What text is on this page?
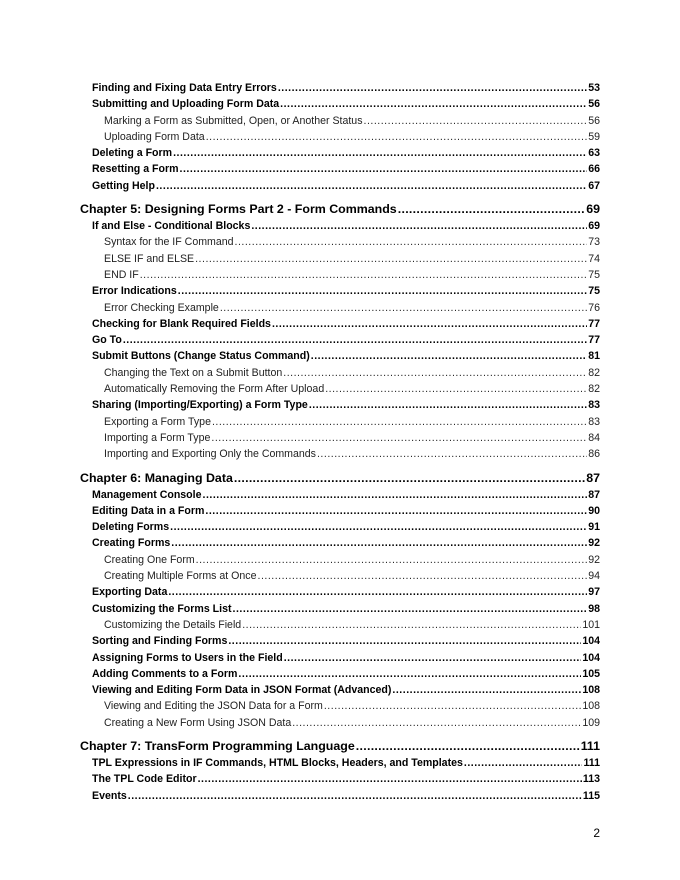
Finding and Fixing Data Entry Errors .....	53
Submitting and Uploading Form Data .....	56
Marking a Form as Submitted, Open, or Another Status .....	56
Uploading Form Data .....	59
Deleting a Form .....	63
Resetting a Form .....	66
Getting Help .....	67
Chapter 5: Designing Forms Part 2 - Form Commands .....	69
If and Else - Conditional Blocks .....	69
Syntax for the IF Command .....	73
ELSE IF and ELSE .....	74
END IF .....	75
Error Indications .....	75
Error Checking Example .....	76
Checking for Blank Required Fields .....	77
Go To .....	77
Submit Buttons (Change Status Command) .....	81
Changing the Text on a Submit Button .....	82
Automatically Removing the Form After Upload .....	82
Sharing (Importing/Exporting) a Form Type .....	83
Exporting a Form Type .....	83
Importing a Form Type .....	84
Importing and Exporting Only the Commands .....	86
Chapter 6: Managing Data .....	87
Management Console .....	87
Editing Data in a Form .....	90
Deleting Forms .....	91
Creating Forms .....	92
Creating One Form .....	92
Creating Multiple Forms at Once .....	94
Exporting Data .....	97
Customizing the Forms List .....	98
Customizing the Details Field .....	101
Sorting and Finding Forms .....	104
Assigning Forms to Users in the Field .....	104
Adding Comments to a Form .....	105
Viewing and Editing Form Data in JSON Format (Advanced) .....	108
Viewing and Editing the JSON Data for a Form .....	108
Creating a New Form Using JSON Data .....	109
Chapter 7: TransForm Programming Language .....	111
TPL Expressions in IF Commands, HTML Blocks, Headers, and Templates .....	111
The TPL Code Editor .....	113
Events .....	115
2
